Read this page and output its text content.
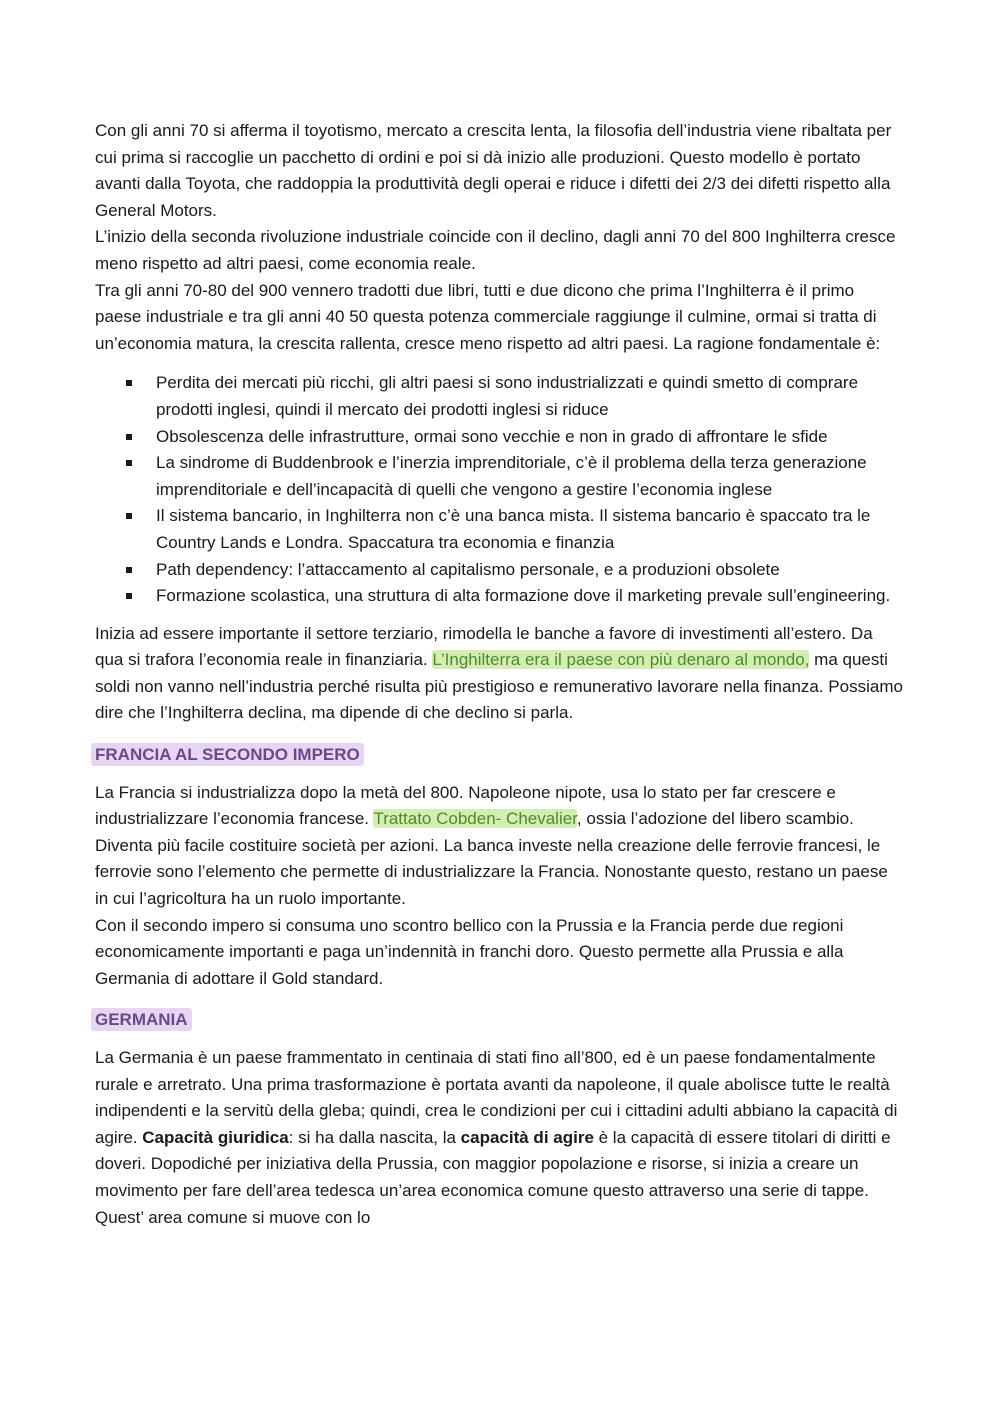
Con gli anni 70 si afferma il toyotismo, mercato a crescita lenta, la filosofia dell’industria viene ribaltata per cui prima si raccoglie un pacchetto di ordini e poi si dà inizio alle produzioni. Questo modello è portato avanti dalla Toyota, che raddoppia la produttività degli operai e riduce i difetti dei 2/3 dei difetti rispetto alla General Motors.

L’inizio della seconda rivoluzione industriale coincide con il declino, dagli anni 70 del 800 Inghilterra cresce meno rispetto ad altri paesi, come economia reale.

Tra gli anni 70-80 del 900 vennero tradotti due libri, tutti e due dicono che prima l’Inghilterra è il primo paese industriale e tra gli anni 40 50 questa potenza commerciale raggiunge il culmine, ormai si tratta di un’economia matura, la crescita rallenta, cresce meno rispetto ad altri paesi. La ragione fondamentale è:

Perdita dei mercati più ricchi, gli altri paesi si sono industrializzati e quindi smetto di comprare prodotti inglesi, quindi il mercato dei prodotti inglesi si riduce
Obsolescenza delle infrastrutture, ormai sono vecchie e non in grado di affrontare le sfide
La sindrome di Buddenbrook e l’inerzia imprenditoriale, c’è il problema della terza generazione imprenditoriale e dell’incapacità di quelli che vengono a gestire l’economia inglese
Il sistema bancario, in Inghilterra non c’è una banca mista. Il sistema bancario è spaccato tra le Country Lands e Londra. Spaccatura tra economia e finanzia
Path dependency: l’attaccamento al capitalismo personale, e a produzioni obsolete
Formazione scolastica, una struttura di alta formazione dove il marketing prevale sull’engineering.

Inizia ad essere importante il settore terziario, rimodella le banche a favore di investimenti all’estero. Da qua si trafora l’economia reale in finanziaria. L’Inghilterra era il paese con più denaro al mondo, ma questi soldi non vanno nell’industria perché risulta più prestigioso e remunerativo lavorare nella finanza. Possiamo dire che l’Inghilterra declina, ma dipende di che declino si parla.

FRANCIA AL SECONDO IMPERO

La Francia si industrializza dopo la metà del 800. Napoleone nipote, usa lo stato per far crescere e industrializzare l’economia francese. Trattato Cobden- Chevalier, ossia l’adozione del libero scambio. Diventa più facile costituire società per azioni. La banca investe nella creazione delle ferrovie francesi, le ferrovie sono l’elemento che permette di industrializzare la Francia. Nonostante questo, restano un paese in cui l’agricoltura ha un ruolo importante.

Con il secondo impero si consuma uno scontro bellico con la Prussia e la Francia perde due regioni economicamente importanti e paga un’indennità in franchi doro. Questo permette alla Prussia e alla Germania di adottare il Gold standard.

GERMANIA

La Germania è un paese frammentato in centinaia di stati fino all’800, ed è un paese fondamentalmente rurale e arretrato. Una prima trasformazione è portata avanti da napoleone, il quale abolisce tutte le realtà indipendenti e la servitù della gleba; quindi, crea le condizioni per cui i cittadini adulti abbiano la capacità di agire. Capacità giuridica: si ha dalla nascita, la capacità di agire è la capacità di essere titolari di diritti e doveri. Dopodiché per iniziativa della Prussia, con maggior popolazione e risorse, si inizia a creare un movimento per fare dell’area tedesca un’area economica comune questo attraverso una serie di tappe. Quest’ area comune si muove con lo
